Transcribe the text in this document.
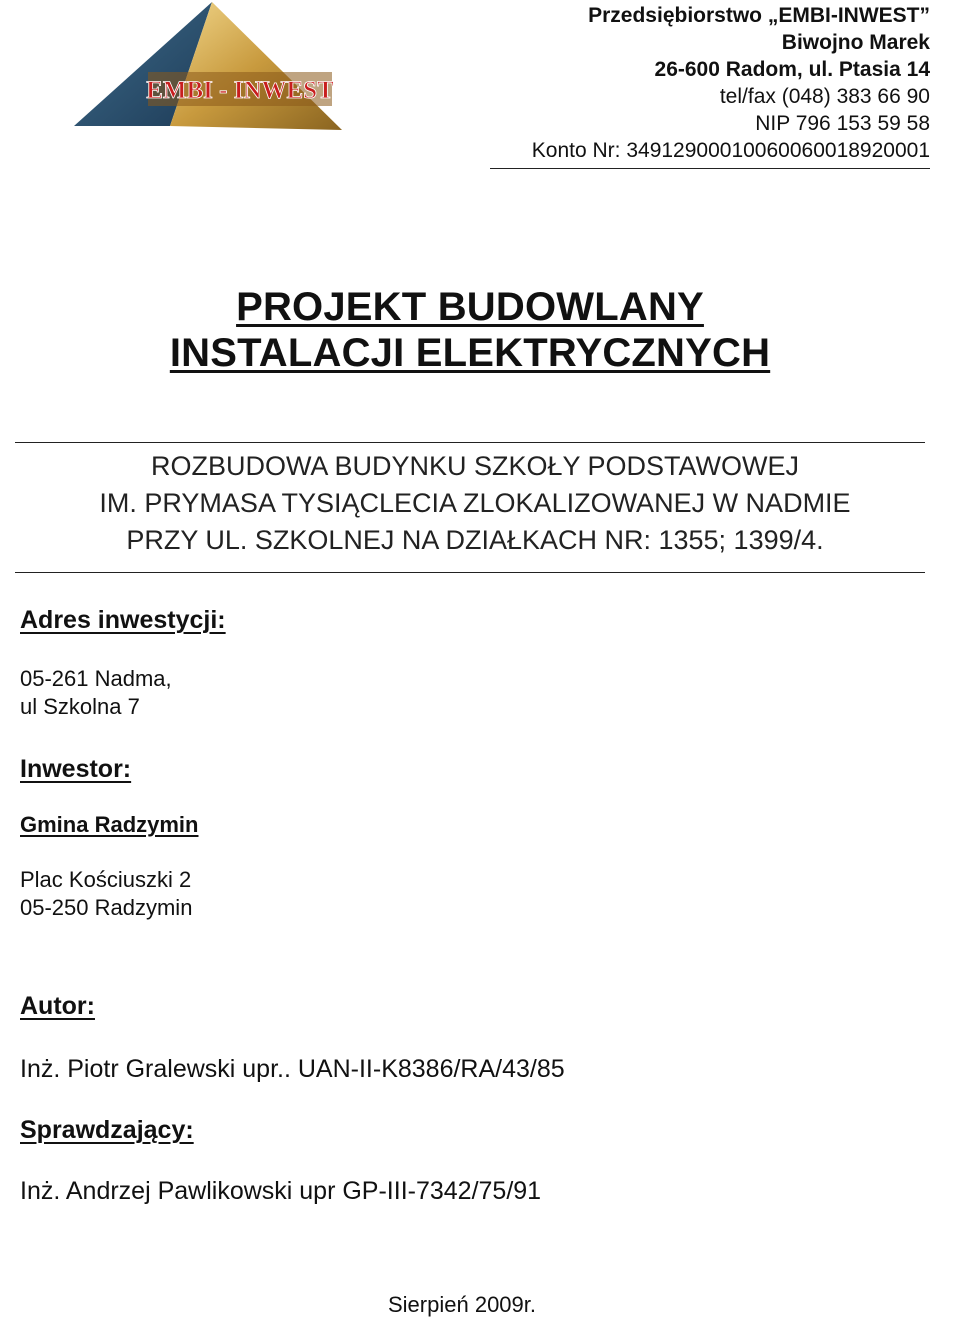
EMBI - INWEST
Przedsiębiorstwo „EMBI-INWEST”
Biwojno Marek
26-600 Radom, ul. Ptasia 14
tel/fax (048) 383 66 90
NIP 796 153 59 58
Konto Nr: 34912900010060060018920001
PROJEKT BUDOWLANY
INSTALACJI ELEKTRYCZNYCH
ROZBUDOWA BUDYNKU SZKOŁY PODSTAWOWEJ
IM. PRYMASA TYSIĄCLECIA ZLOKALIZOWANEJ W NADMIE
PRZY UL. SZKOLNEJ NA DZIAŁKACH NR: 1355; 1399/4.
Adres inwestycji:
05-261 Nadma,
ul Szkolna 7
Inwestor:
Gmina Radzymin
Plac Kościuszki 2
05-250 Radzymin
Autor:
Inż. Piotr Gralewski upr.. UAN-II-K8386/RA/43/85
Sprawdzający:
Inż. Andrzej Pawlikowski upr GP-III-7342/75/91
Sierpień 2009r.
